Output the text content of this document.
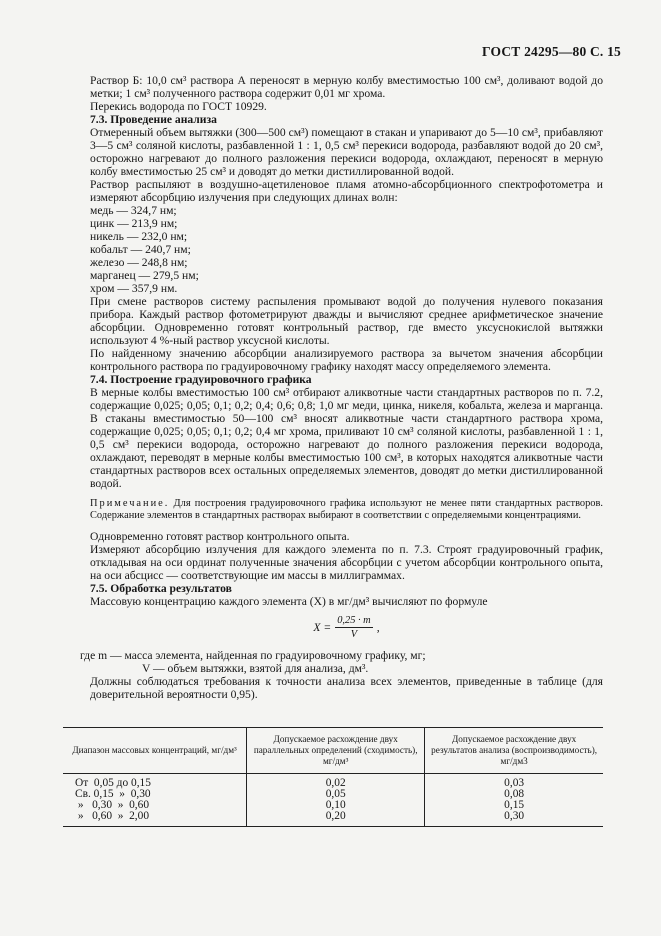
ГОСТ 24295—80 С. 15

Раствор Б: 10,0 см³ раствора А переносят в мерную колбу вместимостью 100 см³, доливают водой до метки; 1 см³ полученного раствора содержит 0,01 мг хрома.

Перекись водорода по ГОСТ 10929.

7.3. Проведение анализа

Отмеренный объем вытяжки (300—500 см³) помещают в стакан и упаривают до 5—10 см³, прибавляют 3—5 см³ соляной кислоты, разбавленной 1 : 1, 0,5 см³ перекиси водорода, разбавляют водой до 20 см³, осторожно нагревают до полного разложения перекиси водорода, охлаждают, переносят в мерную колбу вместимостью 25 см³ и доводят до метки дистиллированной водой.

Раствор распыляют в воздушно-ацетиленовое пламя атомно-абсорбционного спектрофотометра и измеряют абсорбцию излучения при следующих длинах волн:

медь — 324,7 нм;
цинк — 213,9 нм;
никель — 232,0 нм;
кобальт — 240,7 нм;
железо — 248,8 нм;
марганец — 279,5 нм;
хром — 357,9 нм.

При смене растворов систему распыления промывают водой до получения нулевого показания прибора. Каждый раствор фотометрируют дважды и вычисляют среднее арифметическое значение абсорбции. Одновременно готовят контрольный раствор, где вместо уксуснокислой вытяжки используют 4 %-ный раствор уксусной кислоты.

По найденному значению абсорбции анализируемого раствора за вычетом значения абсорбции контрольного раствора по градуировочному графику находят массу определяемого элемента.

7.4. Построение градуировочного графика

В мерные колбы вместимостью 100 см³ отбирают аликвотные части стандартных растворов по п. 7.2, содержащие 0,025; 0,05; 0,1; 0,2; 0,4; 0,6; 0,8; 1,0 мг меди, цинка, никеля, кобальта, железа и марганца. В стаканы вместимостью 50—100 см³ вносят аликвотные части стандартного раствора хрома, содержащие 0,025; 0,05; 0,1; 0,2; 0,4 мг хрома, приливают 10 см³ соляной кислоты, разбавленной 1 : 1, 0,5 см³ перекиси водорода, осторожно нагревают до полного разложения перекиси водорода, охлаждают, переводят в мерные колбы вместимостью 100 см³, в которых находятся аликвотные части стандартных растворов всех остальных определяемых элементов, доводят до метки дистиллированной водой.

Примечание. Для построения градуировочного графика используют не менее пяти стандартных растворов. Содержание элементов в стандартных растворах выбирают в соответствии с определяемыми концентрациями.

Одновременно готовят раствор контрольного опыта.

Измеряют абсорбцию излучения для каждого элемента по п. 7.3. Строят градуировочный график, откладывая на оси ординат полученные значения абсорбции с учетом абсорбции контрольного опыта, на оси абсцисс — соответствующие им массы в миллиграммах.

7.5. Обработка результатов

Массовую концентрацию каждого элемента (X) в мг/дм³ вычисляют по формуле

$X = \frac{0,25 \cdot m}{V}$ ,

где m — масса элемента, найденная по градуировочному графику, мг;

V — объем вытяжки, взятой для анализа, дм³.

Должны соблюдаться требования к точности анализа всех элементов, приведенные в таблице (для доверительной вероятности 0,95).

Диапазон массовых концентраций, мг/дм³	Допускаемое расхождение двух параллельных определений (сходимость), мг/дм³	Допускаемое расхождение двух результатов анализа (воспроизводимость), мг/дм3
От  0,05 до 0,15	0,02	0,03
Св. 0,15  »  0,30	0,05	0,08
»   0,30  »  0,60	0,10	0,15
»   0,60  »  2,00	0,20	0,30
